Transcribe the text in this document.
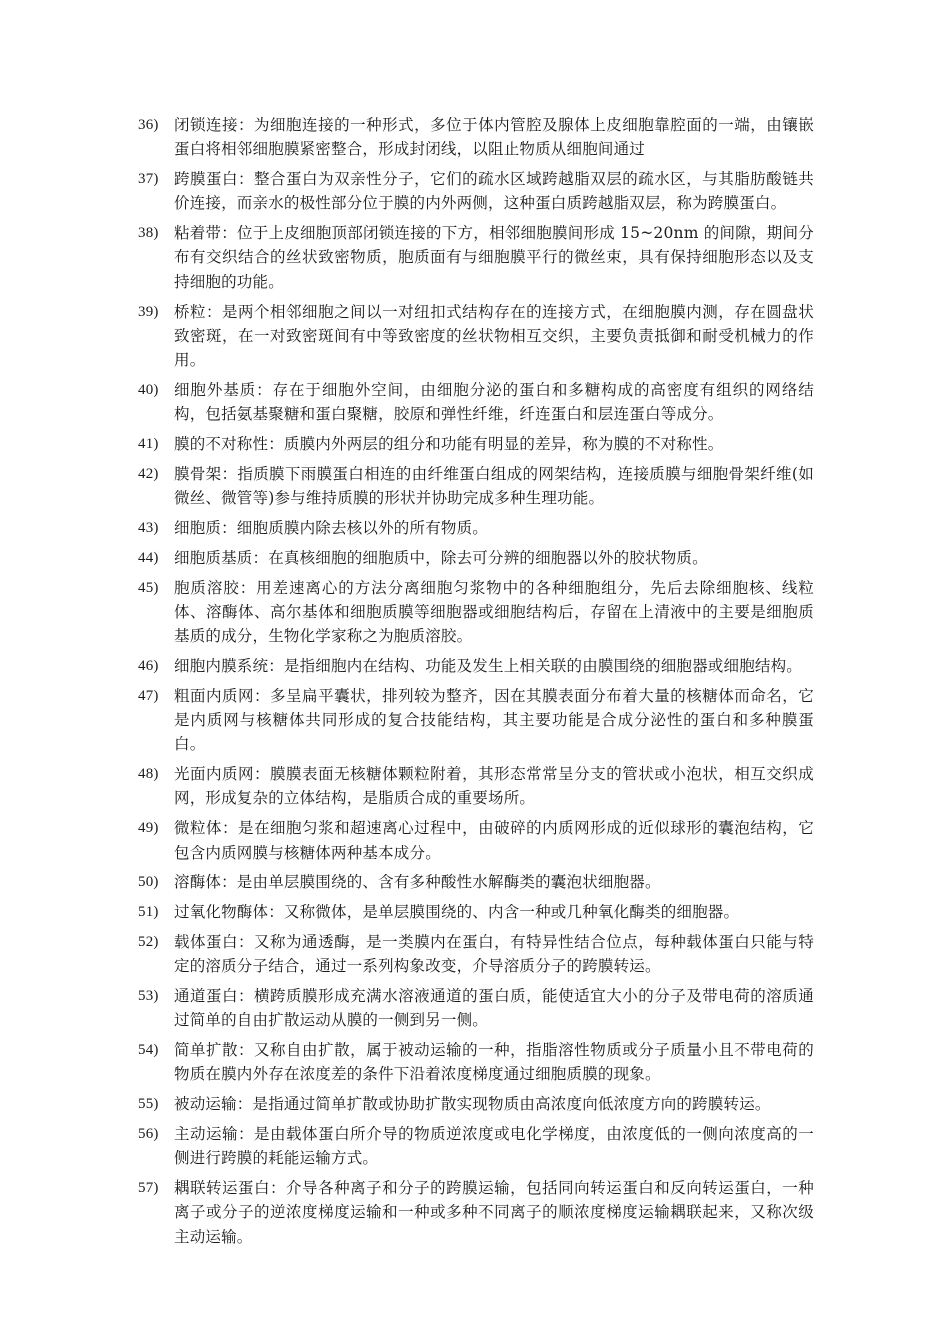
36) 闭锁连接：为细胞连接的一种形式，多位于体内管腔及腺体上皮细胞靠腔面的一端，由镶嵌蛋白将相邻细胞膜紧密整合，形成封闭线，以阻止物质从细胞间通过
37) 跨膜蛋白：整合蛋白为双亲性分子，它们的疏水区域跨越脂双层的疏水区，与其脂肪酸链共价连接，而亲水的极性部分位于膜的内外两侧，这种蛋白质跨越脂双层，称为跨膜蛋白。
38) 粘着带：位于上皮细胞顶部闭锁连接的下方，相邻细胞膜间形成 15~20nm 的间隙，期间分布有交织结合的丝状致密物质，胞质面有与细胞膜平行的微丝束，具有保持细胞形态以及支持细胞的功能。
39) 桥粒：是两个相邻细胞之间以一对纽扣式结构存在的连接方式，在细胞膜内测，存在圆盘状致密斑，在一对致密斑间有中等致密度的丝状物相互交织，主要负责抵御和耐受机械力的作用。
40) 细胞外基质：存在于细胞外空间，由细胞分泌的蛋白和多糖构成的高密度有组织的网络结构，包括氨基聚糖和蛋白聚糖，胶原和弹性纤维，纤连蛋白和层连蛋白等成分。
41) 膜的不对称性：质膜内外两层的组分和功能有明显的差异，称为膜的不对称性。
42) 膜骨架：指质膜下雨膜蛋白相连的由纤维蛋白组成的网架结构，连接质膜与细胞骨架纤维(如微丝、微管等)参与维持质膜的形状并协助完成多种生理功能。
43) 细胞质：细胞质膜内除去核以外的所有物质。
44) 细胞质基质：在真核细胞的细胞质中，除去可分辨的细胞器以外的胶状物质。
45) 胞质溶胶：用差速离心的方法分离细胞匀浆物中的各种细胞组分，先后去除细胞核、线粒体、溶酶体、高尔基体和细胞质膜等细胞器或细胞结构后，存留在上清液中的主要是细胞质基质的成分，生物化学家称之为胞质溶胶。
46) 细胞内膜系统：是指细胞内在结构、功能及发生上相关联的由膜围绕的细胞器或细胞结构。
47) 粗面内质网：多呈扁平囊状，排列较为整齐，因在其膜表面分布着大量的核糖体而命名，它是内质网与核糖体共同形成的复合技能结构，其主要功能是合成分泌性的蛋白和多种膜蛋白。
48) 光面内质网：膜膜表面无核糖体颗粒附着，其形态常常呈分支的管状或小泡状，相互交织成网，形成复杂的立体结构，是脂质合成的重要场所。
49) 微粒体：是在细胞匀浆和超速离心过程中，由破碎的内质网形成的近似球形的囊泡结构，它包含内质网膜与核糖体两种基本成分。
50) 溶酶体：是由单层膜围绕的、含有多种酸性水解酶类的囊泡状细胞器。
51) 过氧化物酶体：又称微体，是单层膜围绕的、内含一种或几种氧化酶类的细胞器。
52) 载体蛋白：又称为通透酶，是一类膜内在蛋白，有特异性结合位点，每种载体蛋白只能与特定的溶质分子结合，通过一系列构象改变，介导溶质分子的跨膜转运。
53) 通道蛋白：横跨质膜形成充满水溶液通道的蛋白质，能使适宜大小的分子及带电荷的溶质通过简单的自由扩散运动从膜的一侧到另一侧。
54) 简单扩散：又称自由扩散，属于被动运输的一种，指脂溶性物质或分子质量小且不带电荷的物质在膜内外存在浓度差的条件下沿着浓度梯度通过细胞质膜的现象。
55) 被动运输：是指通过简单扩散或协助扩散实现物质由高浓度向低浓度方向的跨膜转运。
56) 主动运输：是由载体蛋白所介导的物质逆浓度或电化学梯度，由浓度低的一侧向浓度高的一侧进行跨膜的耗能运输方式。
57) 耦联转运蛋白：介导各种离子和分子的跨膜运输，包括同向转运蛋白和反向转运蛋白，一种离子或分子的逆浓度梯度运输和一种或多种不同离子的顺浓度梯度运输耦联起来，又称次级主动运输。
